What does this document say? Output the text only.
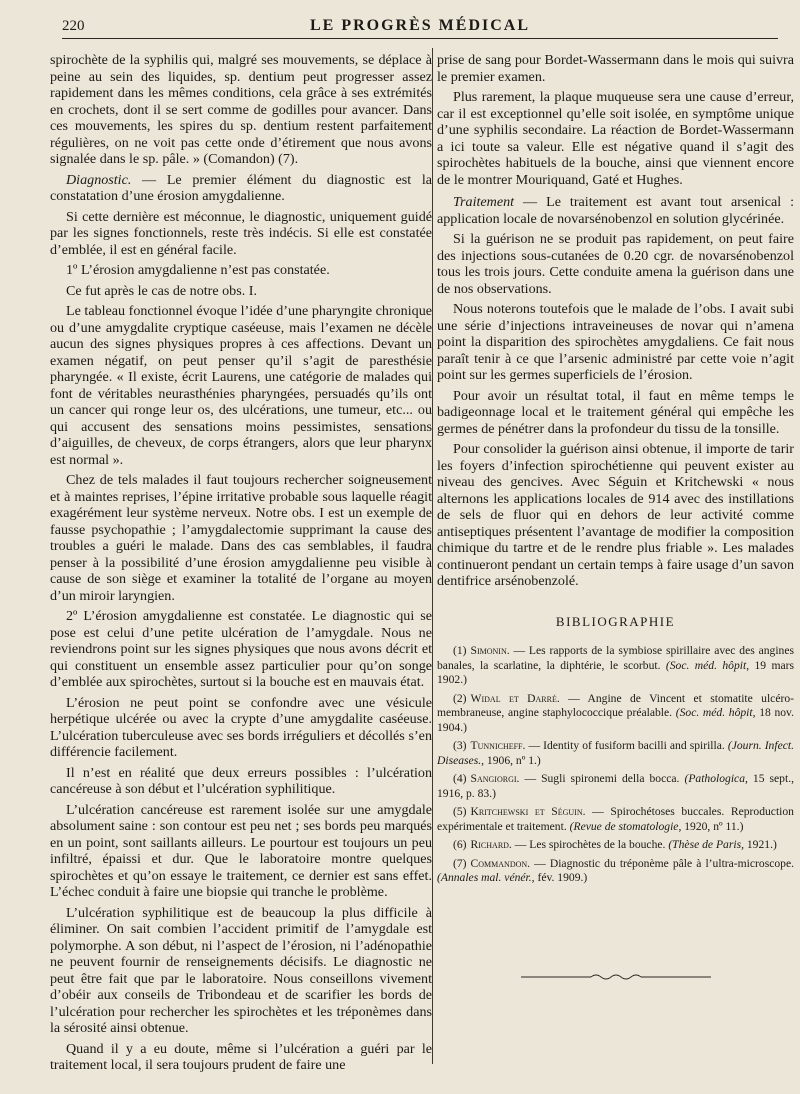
220	LE PROGRÈS MÉDICAL

spirochète de la syphilis qui, malgré ses mouvements, se déplace à peine au sein des liquides, sp. dentium peut progresser assez rapidement dans les mêmes conditions, cela grâce à ses extrémités en crochets, dont il se sert comme de godilles pour avancer. Dans ces mouvements, les spires du sp. dentium restent parfaitement régulières, on ne voit pas cette onde d’étirement que nous avons signalée dans le sp. pâle. » (Comandon) (7).

Diagnostic. — Le premier élément du diagnostic est la constatation d’une érosion amygdalienne.

Si cette dernière est méconnue, le diagnostic, uniquement guidé par les signes fonctionnels, reste très indécis. Si elle est constatée d’emblée, il est en général facile.

1º L’érosion amygdalienne n’est pas constatée.

Ce fut après le cas de notre obs. I.

Le tableau fonctionnel évoque l’idée d’une pharyngite chronique ou d’une amygdalite cryptique caséeuse, mais l’examen ne décèle aucun des signes physiques propres à ces affections. Devant un examen négatif, on peut penser qu’il s’agit de paresthésie pharyngée. « Il existe, écrit Laurens, une catégorie de malades qui font de véritables neurasthénies pharyngées, persuadés qu’ils ont un cancer qui ronge leur os, des ulcérations, une tumeur, etc... ou qui accusent des sensations moins pessimistes, sensations d’aiguilles, de cheveux, de corps étrangers, alors que leur pharynx est normal ».

Chez de tels malades il faut toujours rechercher soigneusement et à maintes reprises, l’épine irritative probable sous laquelle réagit exagérément leur système nerveux. Notre obs. I est un exemple de fausse psychopathie ; l’amygdalectomie supprimant la cause des troubles a guéri le malade. Dans des cas semblables, il faudra penser à la possibilité d’une érosion amygdalienne peu visible à cause de son siège et examiner la totalité de l’organe au moyen d’un miroir laryngien.

2º L’érosion amygdalienne est constatée. Le diagnostic qui se pose est celui d’une petite ulcération de l’amygdale. Nous ne reviendrons point sur les signes physiques que nous avons décrit et qui constituent un ensemble assez particulier pour qu’on songe d’emblée aux spirochètes, surtout si la bouche est en mauvais état.

L’érosion ne peut point se confondre avec une vésicule herpétique ulcérée ou avec la crypte d’une amygdalite caséeuse. L’ulcération tuberculeuse avec ses bords irréguliers et décollés s’en différencie facilement.

Il n’est en réalité que deux erreurs possibles : l’ulcération cancéreuse à son début et l’ulcération syphilitique.

L’ulcération cancéreuse est rarement isolée sur une amygdale absolument saine : son contour est peu net ; ses bords peu marqués en un point, sont saillants ailleurs. Le pourtour est toujours un peu infiltré, épaissi et dur. Que le laboratoire montre quelques spirochètes et qu’on essaye le traitement, ce dernier est sans effet. L’échec conduit à faire une biopsie qui tranche le problème.

L’ulcération syphilitique est de beaucoup la plus difficile à éliminer. On sait combien l’accident primitif de l’amygdale est polymorphe. A son début, ni l’aspect de l’érosion, ni l’adénopathie ne peuvent fournir de renseignements décisifs. Le diagnostic ne peut être fait que par le laboratoire. Nous conseillons vivement d’obéir aux conseils de Tribondeau et de scarifier les bords de l’ulcération pour rechercher les spirochètes et les tréponèmes dans la sérosité ainsi obtenue.

Quand il y a eu doute, même si l’ulcération a guéri par le traitement local, il sera toujours prudent de faire une

prise de sang pour Bordet-Wassermann dans le mois qui suivra le premier examen.

Plus rarement, la plaque muqueuse sera une cause d’erreur, car il est exceptionnel qu’elle soit isolée, en symptôme unique d’une syphilis secondaire. La réaction de Bordet-Wassermann a ici toute sa valeur. Elle est négative quand il s’agit des spirochètes habituels de la bouche, ainsi que viennent encore de le montrer Mouriquand, Gaté et Hughes.

Traitement — Le traitement est avant tout arsenical : application locale de novarsénobenzol en solution glycérinée.

Si la guérison ne se produit pas rapidement, on peut faire des injections sous-cutanées de 0.20 cgr. de novarsénobenzol tous les trois jours. Cette conduite amena la guérison dans une de nos observations.

Nous noterons toutefois que le malade de l’obs. I avait subi une série d’injections intraveineuses de novar qui n’amena point la disparition des spirochètes amygdaliens. Ce fait nous paraît tenir à ce que l’arsenic administré par cette voie n’agit point sur les germes superficiels de l’érosion.

Pour avoir un résultat total, il faut en même temps le badigeonnage local et le traitement général qui empêche les germes de pénétrer dans la profondeur du tissu de la tonsille.

Pour consolider la guérison ainsi obtenue, il importe de tarir les foyers d’infection spirochétienne qui peuvent exister au niveau des gencives. Avec Séguin et Kritchewski « nous alternons les applications locales de 914 avec des instillations de sels de fluor qui en dehors de leur activité comme antiseptiques présentent l’avantage de modifier la composition chimique du tartre et de le rendre plus friable ». Les malades continueront pendant un certain temps à faire usage d’un savon dentifrice arsénobenzolé.

BIBLIOGRAPHIE

(1) Simonin. — Les rapports de la symbiose spirillaire avec des angines banales, la scarlatine, la diphtérie, le scorbut. (Soc. méd. hôpit, 19 mars 1902.)

(2) Widal et Darré. — Angine de Vincent et stomatite ulcéro-membraneuse, angine staphylococcique préalable. (Soc. méd. hôpit, 18 nov. 1904.)

(3) Tunnicheff. — Identity of fusiform bacilli and spirilla. (Journ. Infect. Diseases., 1906, nº 1.)

(4) Sangiorgi. — Sugli spironemi della bocca. (Pathologica, 15 sept., 1916, p. 83.)

(5) Kritchewski et Séguin. — Spirochétoses buccales. Reproduction expérimentale et traitement. (Revue de stomatologie, 1920, nº 11.)

(6) Richard. — Les spirochètes de la bouche. (Thèse de Paris, 1921.)

(7) Commandon. — Diagnostic du tréponème pâle à l’ultra-microscope. (Annales mal. vénér., fév. 1909.)
